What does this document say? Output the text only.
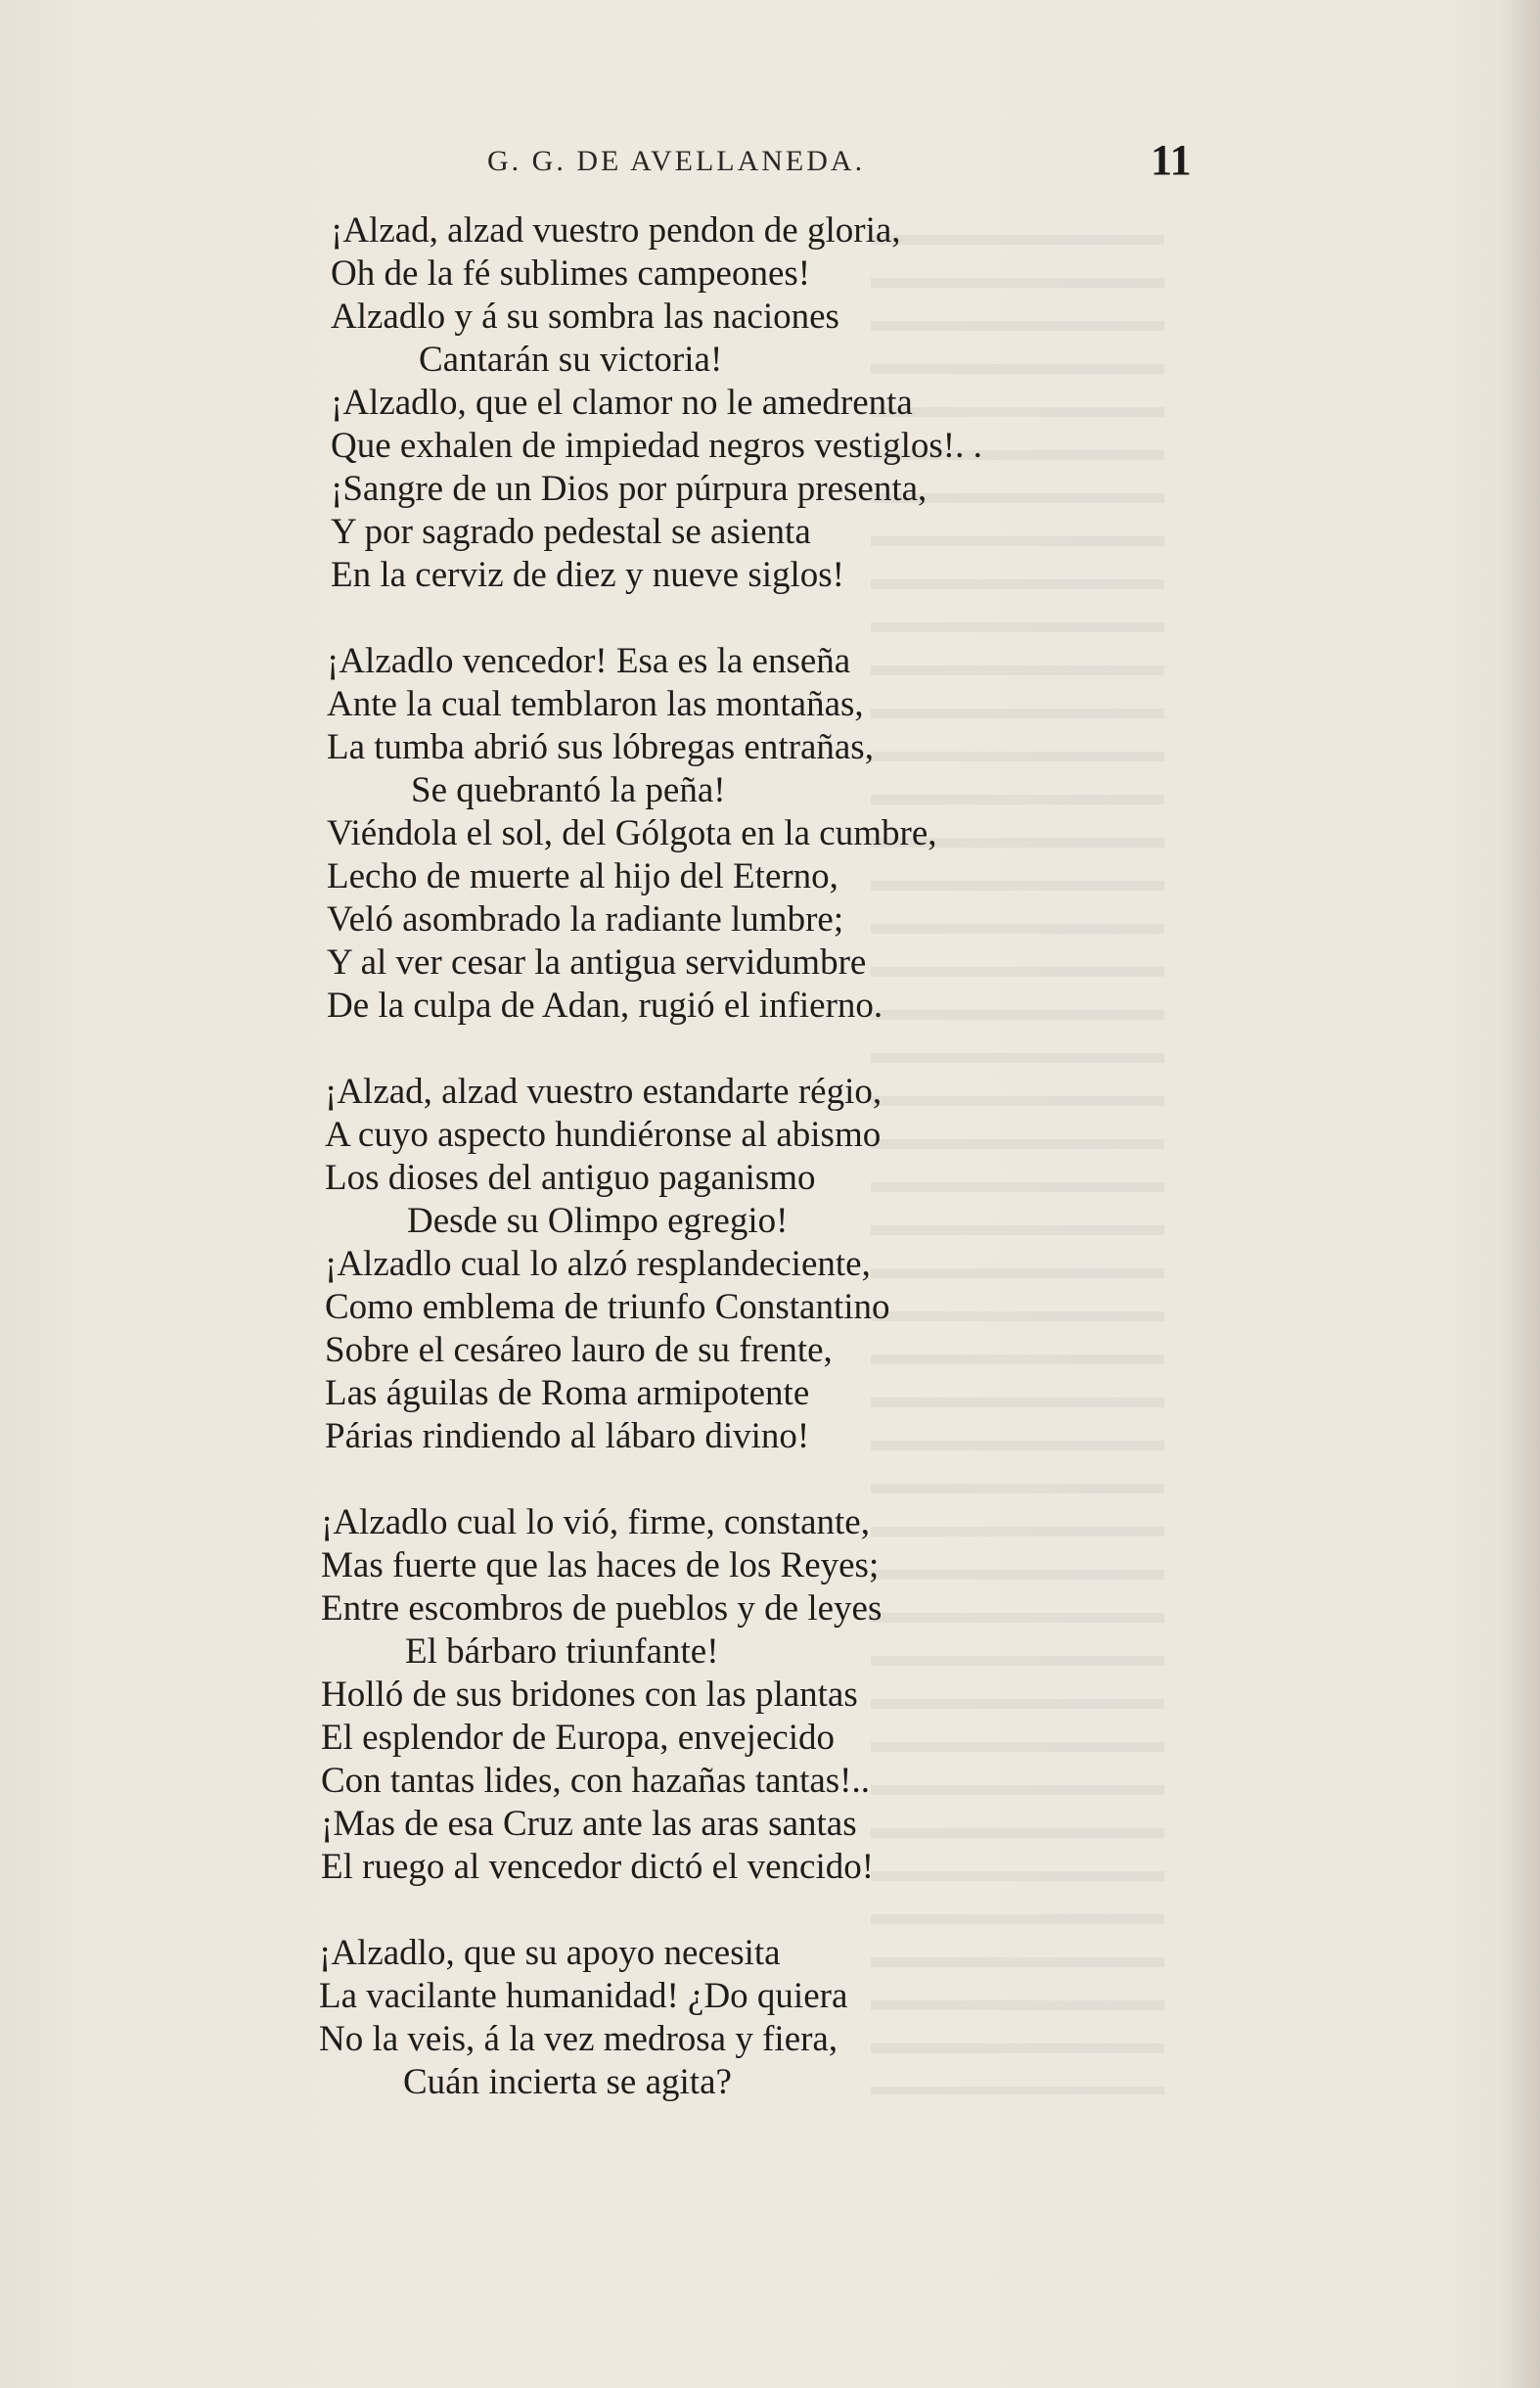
G. G. DE AVELLANEDA.	11
¡Alzad, alzad vuestro pendon de gloria,
Oh de la fé sublimes campeones!
Alzadlo y á su sombra las naciones
Cantarán su victoria!
¡Alzadlo, que el clamor no le amedrenta
Que exhalen de impiedad negros vestiglos!. .
¡Sangre de un Dios por púrpura presenta,
Y por sagrado pedestal se asienta
En la cerviz de diez y nueve siglos!
¡Alzadlo vencedor! Esa es la enseña
Ante la cual temblaron las montañas,
La tumba abrió sus lóbregas entrañas,
Se quebrantó la peña!
Viéndola el sol, del Gólgota en la cumbre,
Lecho de muerte al hijo del Eterno,
Veló asombrado la radiante lumbre;
Y al ver cesar la antigua servidumbre
De la culpa de Adan, rugió el infierno.
¡Alzad, alzad vuestro estandarte régio,
A cuyo aspecto hundiéronse al abismo
Los dioses del antiguo paganismo
Desde su Olimpo egregio!
¡Alzadlo cual lo alzó resplandeciente,
Como emblema de triunfo Constantino
Sobre el cesáreo lauro de su frente,
Las águilas de Roma armipotente
Párias rindiendo al lábaro divino!
¡Alzadlo cual lo vió, firme, constante,
Mas fuerte que las haces de los Reyes;
Entre escombros de pueblos y de leyes
El bárbaro triunfante!
Holló de sus bridones con las plantas
El esplendor de Europa, envejecido
Con tantas lides, con hazañas tantas!..
¡Mas de esa Cruz ante las aras santas
El ruego al vencedor dictó el vencido!
¡Alzadlo, que su apoyo necesita
La vacilante humanidad! ¿Do quiera
No la veis, á la vez medrosa y fiera,
Cuán incierta se agita?
